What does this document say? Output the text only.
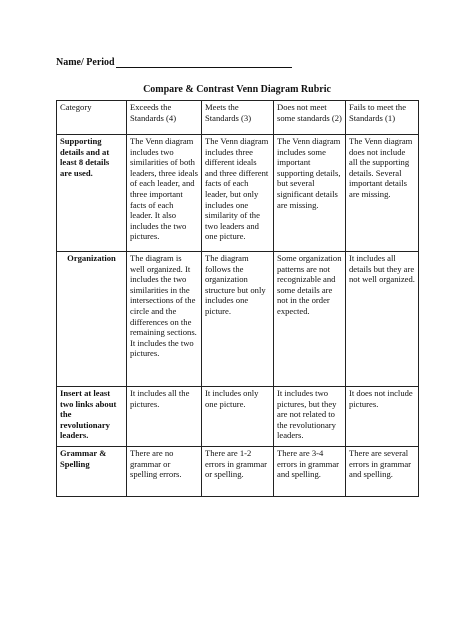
Name/ Period
Compare & Contrast Venn Diagram Rubric
Category	Exceeds the Standards (4)	Meets the Standards (3)	Does not meet some standards (2)	Fails to meet the Standards (1)
Supporting details and at least 8 details are used.	The Venn diagram includes two similarities of both leaders, three ideals of each leader, and three important facts of each leader. It also includes the two pictures.	The Venn diagram includes three different ideals and three different facts of each leader, but only includes one similarity of the two leaders and one picture.	The Venn diagram includes some important supporting details, but several significant details are missing.	The Venn diagram does not include all the supporting details. Several important details are missing.
Organization	The diagram is well organized. It includes the two similarities in the intersections of the circle and the differences on the remaining sections. It includes the two pictures.	The diagram follows the organization structure but only includes one picture.	Some organization patterns are not recognizable and some details are not in the order expected.	It includes all details but they are not well organized.
Insert at least two links about the revolutionary leaders.	It includes all the pictures.	It includes only one picture.	It includes two pictures, but they are not related to the revolutionary leaders.	It does not include pictures.
Grammar & Spelling	There are no grammar or spelling errors.	There are 1-2 errors in grammar or spelling.	There are 3-4 errors in grammar and spelling.	There are several errors in grammar and spelling.
